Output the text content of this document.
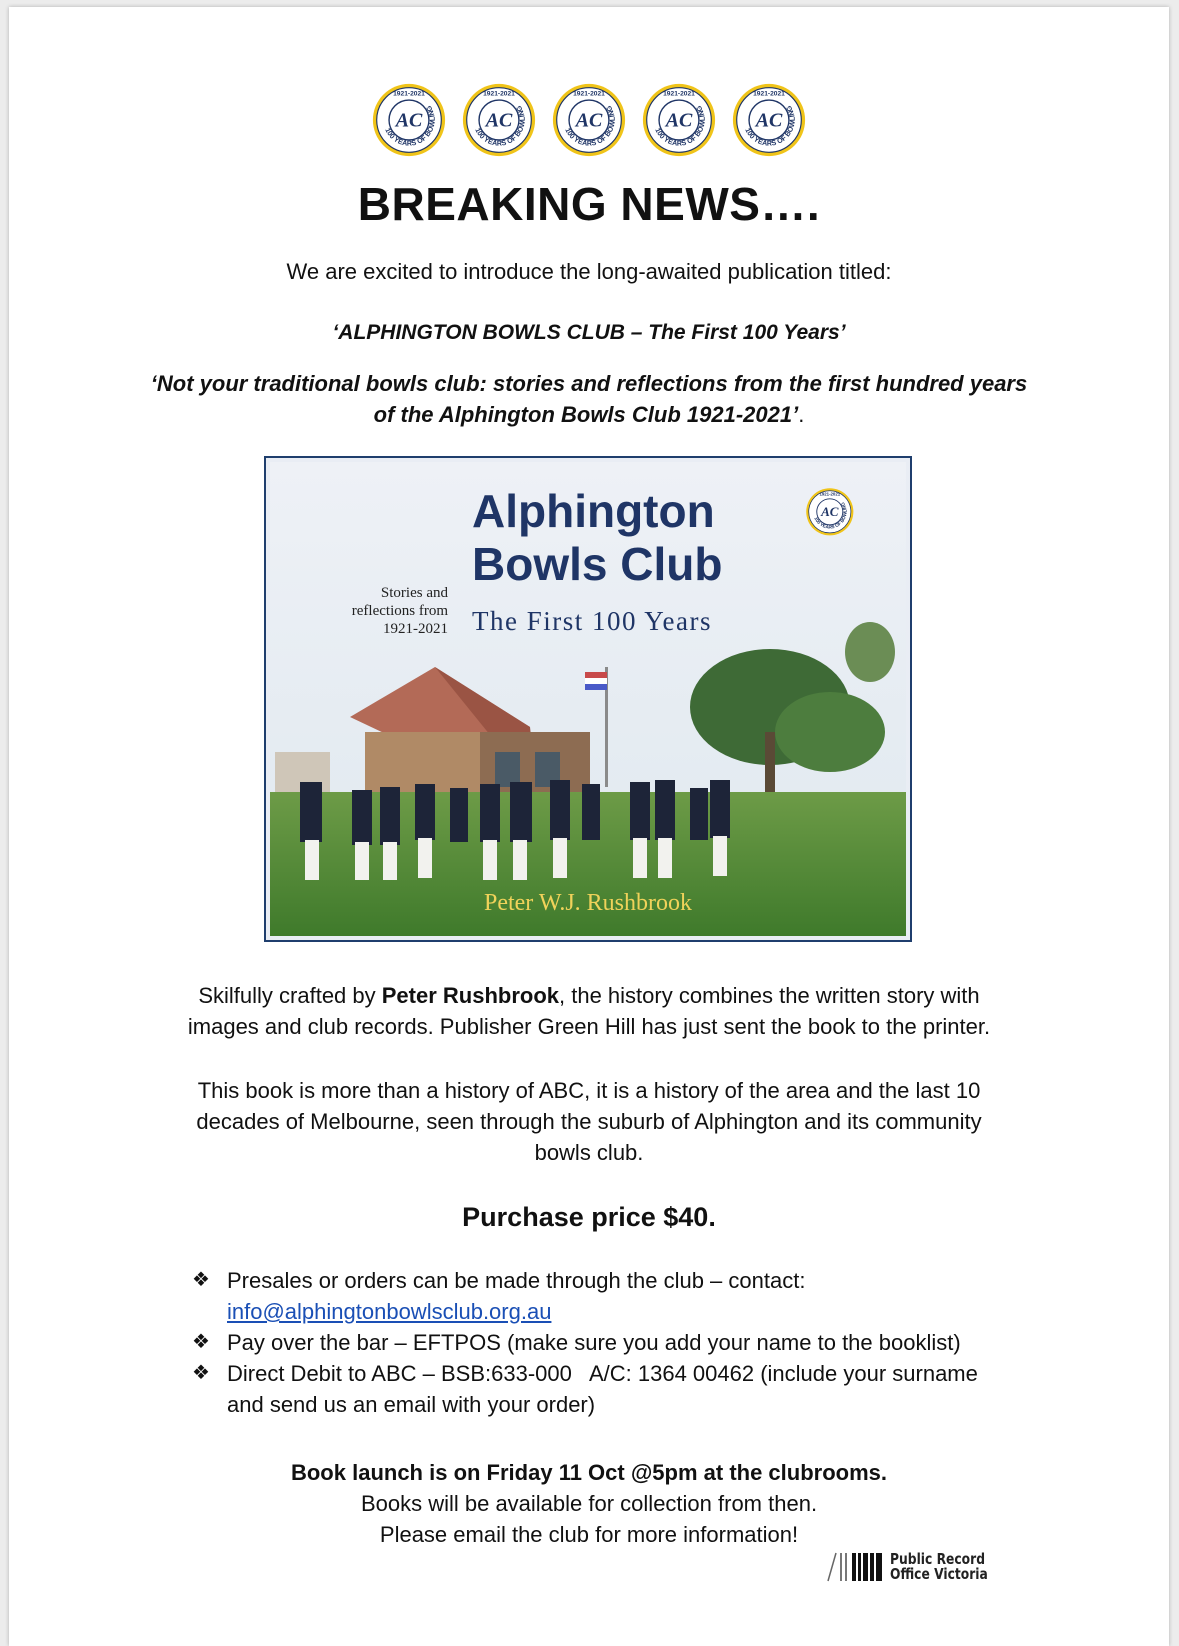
BREAKING NEWS….
We are excited to introduce the long-awaited publication titled:
‘ALPHINGTON BOWLS CLUB – The First 100 Years’
‘Not your traditional bowls club: stories and reflections from the first hundred years
of the Alphington Bowls Club 1921-2021’.
Alphington
Bowls Club
The First 100 Years
Stories and
reflections from
1921-2021
Peter W.J. Rushbrook
Skilfully crafted by Peter Rushbrook, the history combines the written story with
images and club records. Publisher Green Hill has just sent the book to the printer.
This book is more than a history of ABC, it is a history of the area and the last 10
decades of Melbourne, seen through the suburb of Alphington and its community
bowls club.
Purchase price $40.
❖ Presales or orders can be made through the club – contact:
info@alphingtonbowlsclub.org.au
❖ Pay over the bar – EFTPOS (make sure you add your name to the booklist)
❖ Direct Debit to ABC – BSB:633-000   A/C: 1364 00462 (include your surname
and send us an email with your order)
Book launch is on Friday 11 Oct @5pm at the clubrooms.
Books will be available for collection from then.
Please email the club for more information!
Public Record
Office Victoria
